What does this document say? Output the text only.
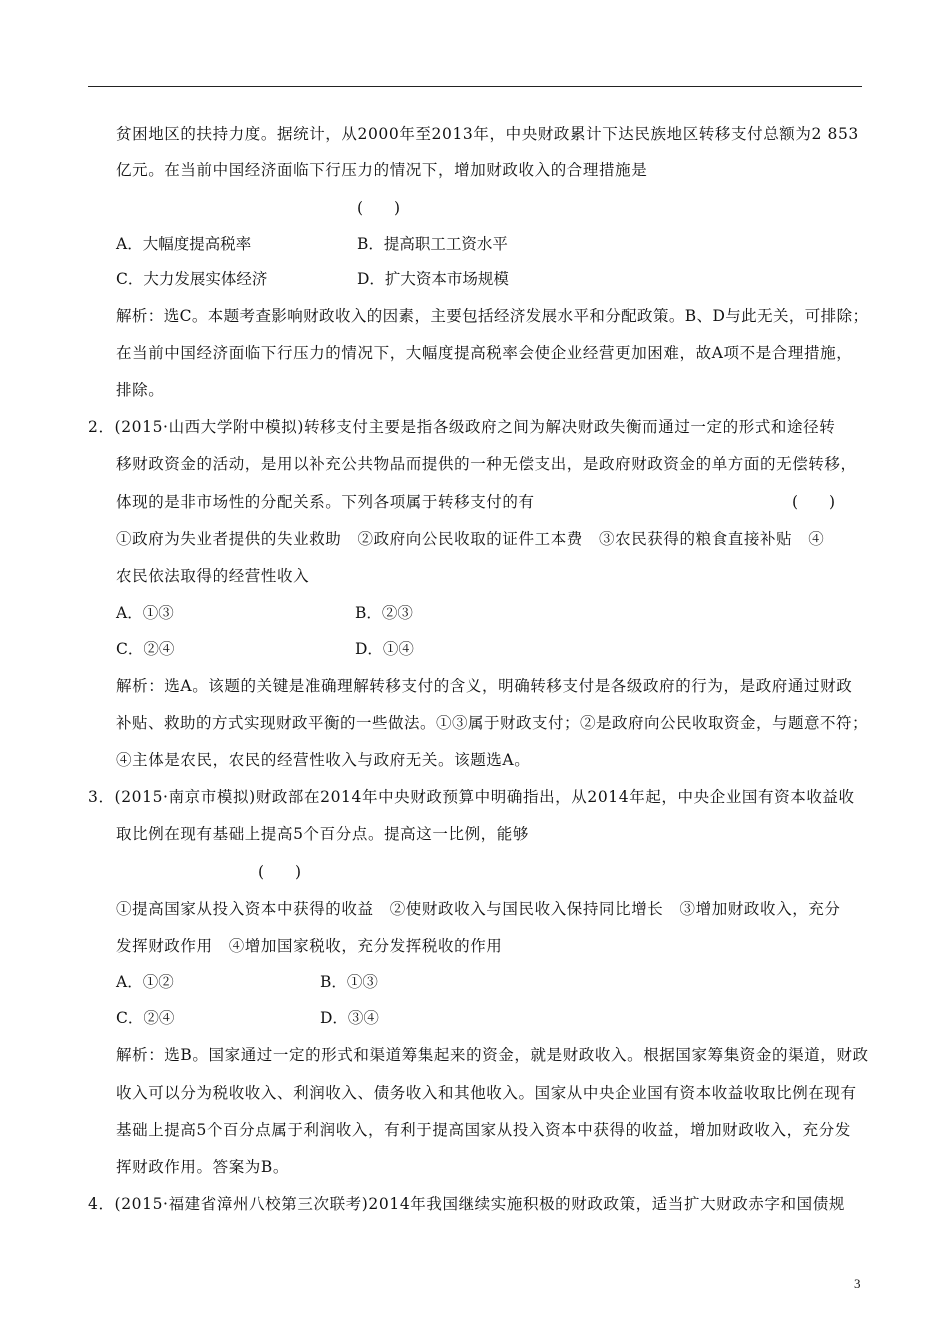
贫困地区的扶持力度。据统计，从2000年至2013年，中央财政累计下达民族地区转移支付总额为2 853
亿元。在当前中国经济面临下行压力的情况下，增加财政收入的合理措施是
(　　)
A．大幅度提高税率	B．提高职工工资水平
C．大力发展实体经济	D．扩大资本市场规模
解析：选C。本题考查影响财政收入的因素，主要包括经济发展水平和分配政策。B、D与此无关，可排除；
在当前中国经济面临下行压力的情况下，大幅度提高税率会使企业经营更加困难，故A项不是合理措施，
排除。
2．(2015·山西大学附中模拟)转移支付主要是指各级政府之间为解决财政失衡而通过一定的形式和途径转
移财政资金的活动，是用以补充公共物品而提供的一种无偿支出，是政府财政资金的单方面的无偿转移，
体现的是非市场性的分配关系。下列各项属于转移支付的有	(　　)
①政府为失业者提供的失业救助　②政府向公民收取的证件工本费　③农民获得的粮食直接补贴　④
农民依法取得的经营性收入
A．①③	B．②③
C．②④	D．①④
解析：选A。该题的关键是准确理解转移支付的含义，明确转移支付是各级政府的行为，是政府通过财政
补贴、救助的方式实现财政平衡的一些做法。①③属于财政支付；②是政府向公民收取资金，与题意不符；
④主体是农民，农民的经营性收入与政府无关。该题选A。
3．(2015·南京市模拟)财政部在2014年中央财政预算中明确指出，从2014年起，中央企业国有资本收益收
取比例在现有基础上提高5个百分点。提高这一比例，能够
(　　)
①提高国家从投入资本中获得的收益　②使财政收入与国民收入保持同比增长　③增加财政收入，充分
发挥财政作用　④增加国家税收，充分发挥税收的作用
A．①②	B．①③
C．②④	D．③④
解析：选B。国家通过一定的形式和渠道筹集起来的资金，就是财政收入。根据国家筹集资金的渠道，财政
收入可以分为税收收入、利润收入、债务收入和其他收入。国家从中央企业国有资本收益收取比例在现有
基础上提高5个百分点属于利润收入，有利于提高国家从投入资本中获得的收益，增加财政收入，充分发
挥财政作用。答案为B。
4．(2015·福建省漳州八校第三次联考)2014年我国继续实施积极的财政政策，适当扩大财政赤字和国债规
3
